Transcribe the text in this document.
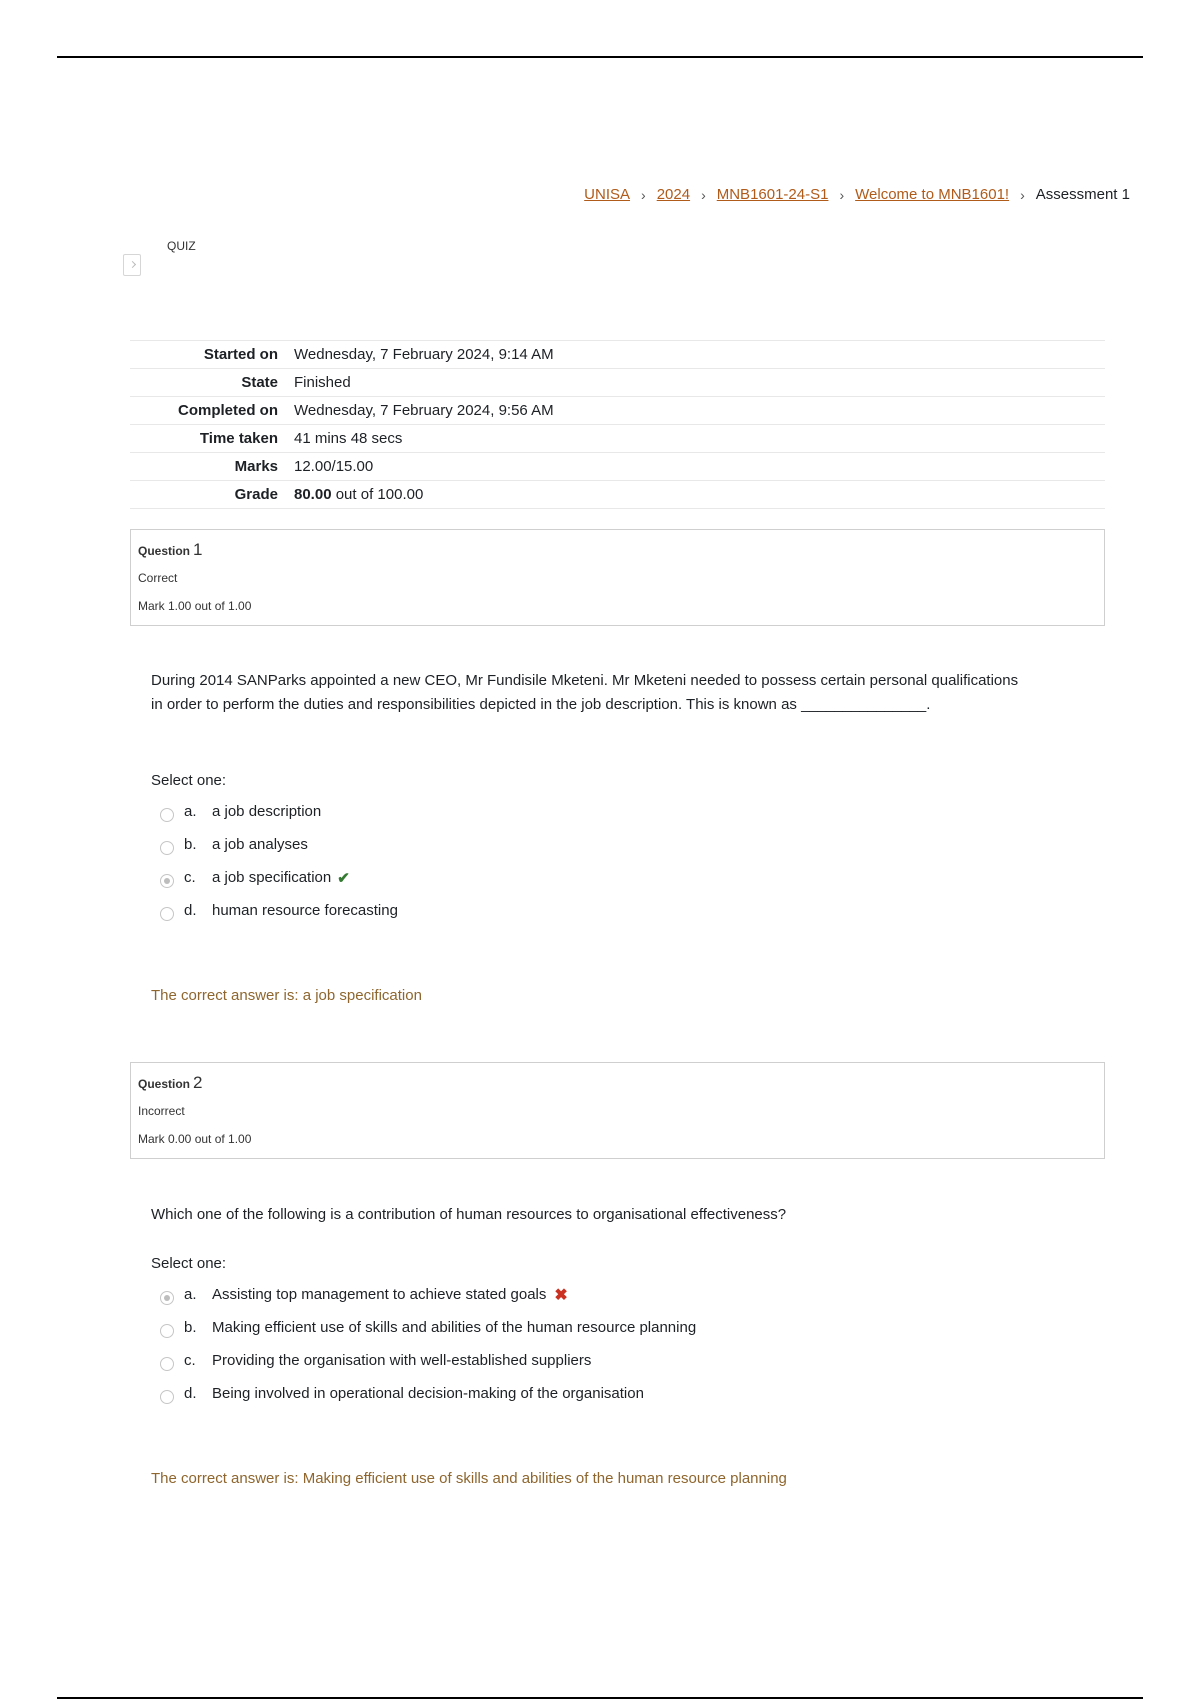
UNISA › 2024 › MNB1601-24-S1 › Welcome to MNB1601! › Assessment 1
QUIZ
Started on	Wednesday, 7 February 2024, 9:14 AM
State	Finished
Completed on	Wednesday, 7 February 2024, 9:56 AM
Time taken	41 mins 48 secs
Marks	12.00/15.00
Grade	80.00 out of 100.00
Question 1
Correct
Mark 1.00 out of 1.00
During 2014 SANParks appointed a new CEO, Mr Fundisile Mketeni. Mr Mketeni needed to possess certain personal qualifications in order to perform the duties and responsibilities depicted in the job description. This is known as _______________.
Select one:
a.	a job description
b.	a job analyses
c.	a job specification ✔
d.	human resource forecasting
The correct answer is: a job specification
Question 2
Incorrect
Mark 0.00 out of 1.00
Which one of the following is a contribution of human resources to organisational effectiveness?
Select one:
a.	Assisting top management to achieve stated goals ✖
b.	Making efficient use of skills and abilities of the human resource planning
c.	Providing the organisation with well-established suppliers
d.	Being involved in operational decision-making of the organisation
The correct answer is: Making efficient use of skills and abilities of the human resource planning
